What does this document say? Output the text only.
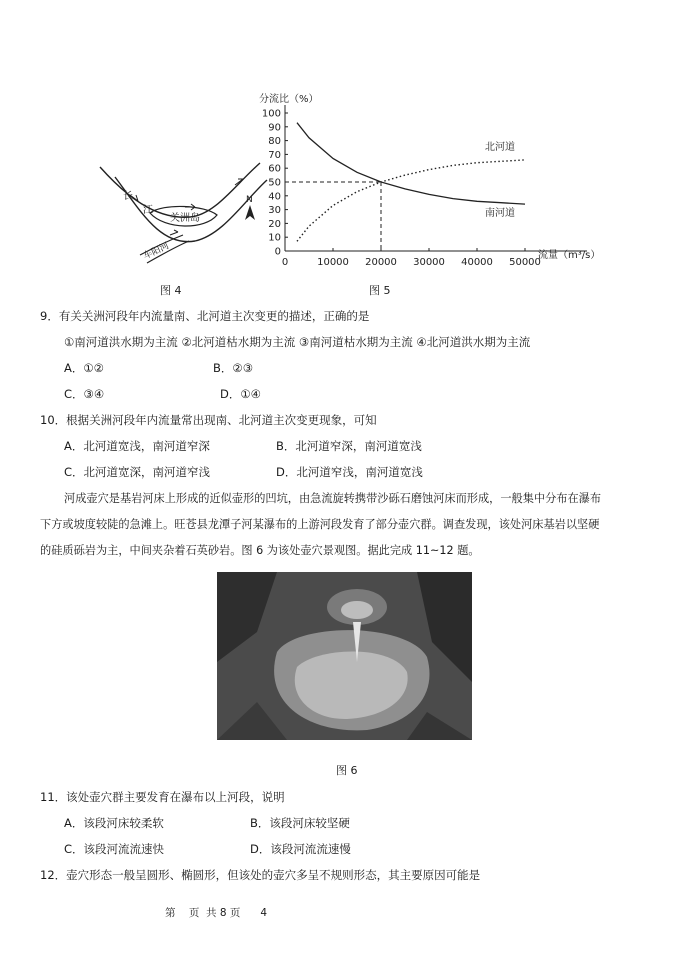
长
江
关洲岛
车阳河
N
图 4
分流比（%）
0
10
20
30
40
50
60
70
80
90
100
0	10000 20000 30000 40000 50000
北河道
南河道
流量（m³/s）
图 5
9．有关关洲河段年内流量南、北河道主次变更的描述，正确的是
①南河道洪水期为主流 ②北河道枯水期为主流 ③南河道枯水期为主流 ④北河道洪水期为主流
A．①②	B．②③
C．③④	D．①④
10．根据关洲河段年内流量常出现南、北河道主次变更现象，可知
A．北河道宽浅，南河道窄深	B．北河道窄深，南河道宽浅
C．北河道宽深，南河道窄浅	D．北河道窄浅，南河道宽浅
河成壶穴是基岩河床上形成的近似壶形的凹坑，由急流旋转携带沙砾石磨蚀河床而形成，一般集中分布在瀑布
下方或坡度较陡的急滩上。旺苍县龙潭子河某瀑布的上游河段发育了部分壶穴群。调查发现，该处河床基岩以坚硬
的硅质砾岩为主，中间夹杂着石英砂岩。图 6 为该处壶穴景观图。据此完成 11~12 题。
图 6
11．该处壶穴群主要发育在瀑布以上河段，说明
A．该段河床较柔软	B．该段河床较坚硬
C．该段河流流速快	D．该段河流流速慢
12．壶穴形态一般呈圆形、椭圆形，但该处的壶穴多呈不规则形态，其主要原因可能是
第    页  共 8 页      4
